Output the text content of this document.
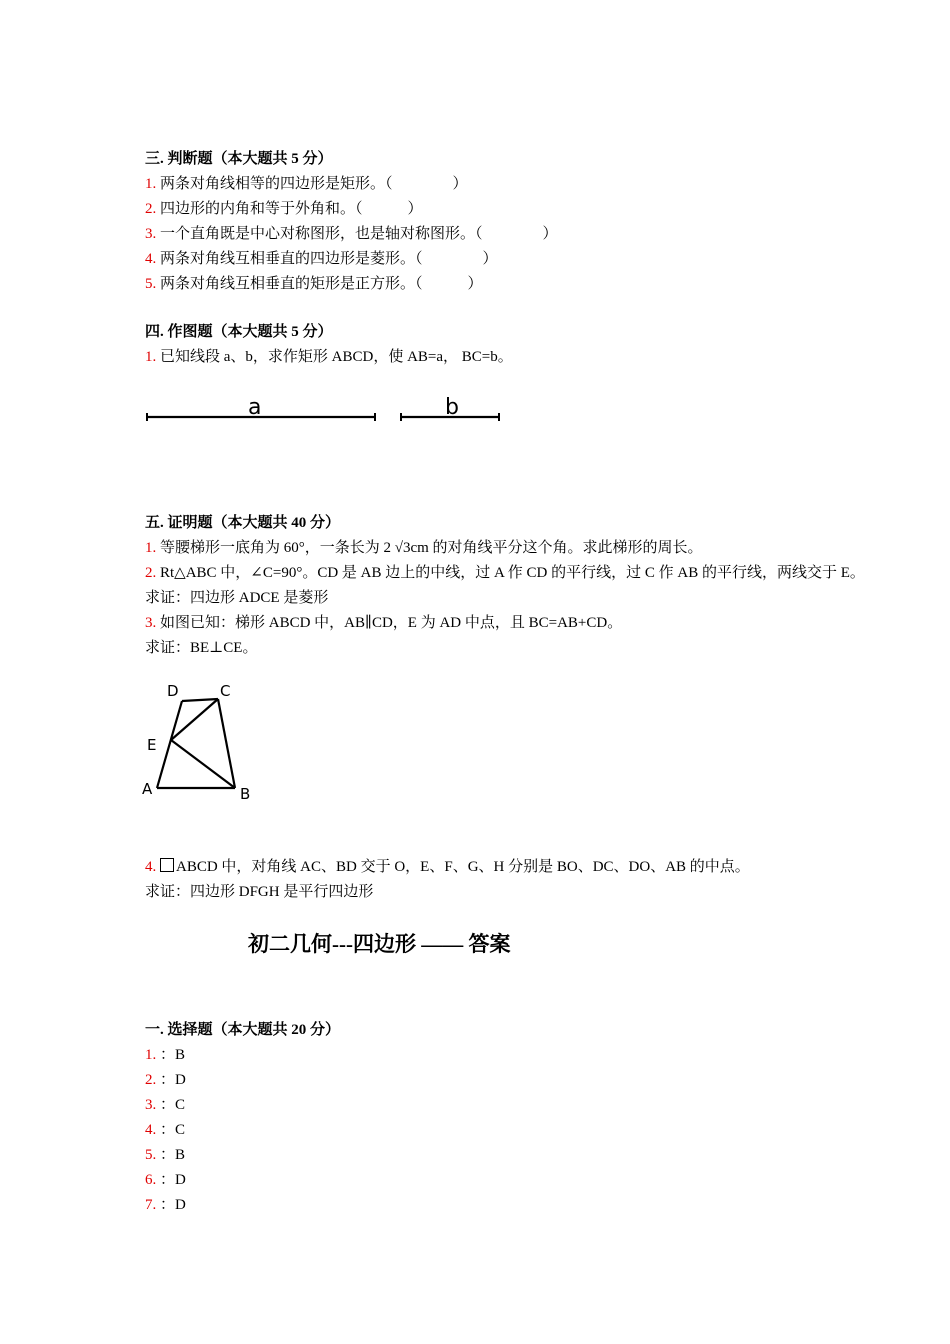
三. 判断题（本大题共 5 分）
1. 两条对角线相等的四边形是矩形。（　　　　）
2. 四边形的内角和等于外角和。（　　　）
3. 一个直角既是中心对称图形，也是轴对称图形。（　　　　）
4. 两条对角线互相垂直的四边形是菱形。（　　　　）
5. 两条对角线互相垂直的矩形是正方形。（　　　）
四. 作图题（本大题共 5 分）
1. 已知线段 a、b，求作矩形 ABCD，使 AB=a， BC=b。
a	b
五. 证明题（本大题共 40 分）
1. 等腰梯形一底角为 60°，一条长为 2 √3cm 的对角线平分这个角。求此梯形的周长。
2. Rt△ABC 中，∠C=90°。CD 是 AB 边上的中线，过 A 作 CD 的平行线，过 C 作 AB 的平行线，两线交于 E。
求证：四边形 ADCE 是菱形
3. 如图已知：梯形 ABCD 中，AB∥CD，E 为 AD 中点，且 BC=AB+CD。
求证：BE⊥CE。
D	C
E
A	B
4. ABCD 中，对角线 AC、BD 交于 O，E、F、G、H 分别是 BO、DC、DO、AB 的中点。
求证：四边形 DFGH 是平行四边形
初二几何---四边形 —— 答案
一. 选择题（本大题共 20 分）
1. ：B
2. ：D
3. ：C
4. ：C
5. ：B
6. ：D
7. ：D
